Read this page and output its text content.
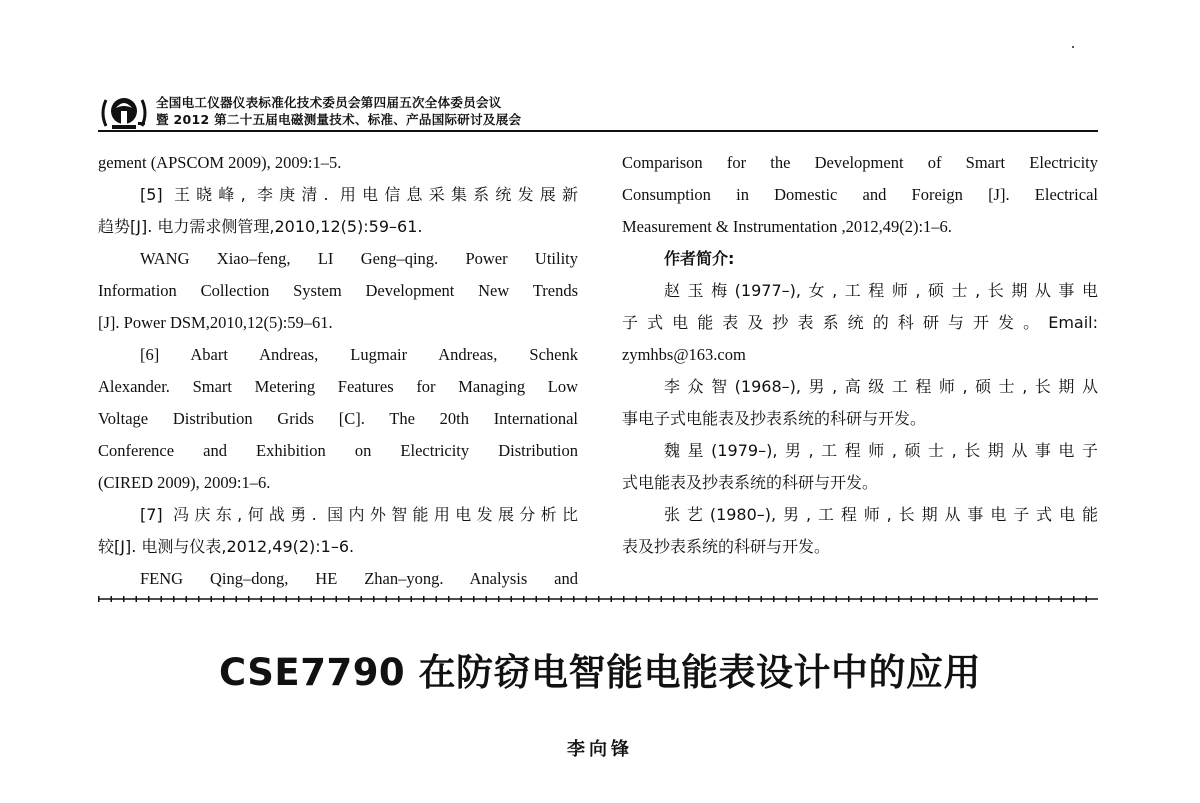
全国电工仪器仪表标准化技术委员会第四届五次全体委员会议
暨 2012 第二十五届电磁测量技术、标准、产品国际研讨及展会
gement (APSCOM 2009), 2009:1–5.
[5] 王晓峰, 李庚清. 用电信息采集系统发展新
趋势[J]. 电力需求侧管理,2010,12(5):59–61.
WANG Xiao–feng, LI Geng–qing. Power Utility
Information Collection System Development New Trends
[J]. Power DSM,2010,12(5):59–61.
[6] Abart Andreas, Lugmair Andreas, Schenk
Alexander. Smart Metering Features for Managing Low
Voltage Distribution Grids [C]. The 20th International
Conference and Exhibition on Electricity Distribution
(CIRED 2009), 2009:1–6.
[7] 冯庆东,何战勇. 国内外智能用电发展分析比
较[J]. 电测与仪表,2012,49(2):1–6.
FENG Qing–dong, HE Zhan–yong. Analysis and
Comparison for the Development of Smart Electricity
Consumption in Domestic and Foreign [J]. Electrical
Measurement & Instrumentation ,2012,49(2):1–6.
作者简介:
赵玉梅(1977–),女,工程师,硕士,长期从事电
子式电能表及抄表系统的科研与开发。Email:
zymhbs@163.com
李众智(1968–),男,高级工程师,硕士,长期从
事电子式电能表及抄表系统的科研与开发。
魏星(1979–),男,工程师,硕士,长期从事电子
式电能表及抄表系统的科研与开发。
张艺(1980–),男,工程师,长期从事电子式电能
表及抄表系统的科研与开发。
CSE7790 在防窃电智能电能表设计中的应用
李向锋
